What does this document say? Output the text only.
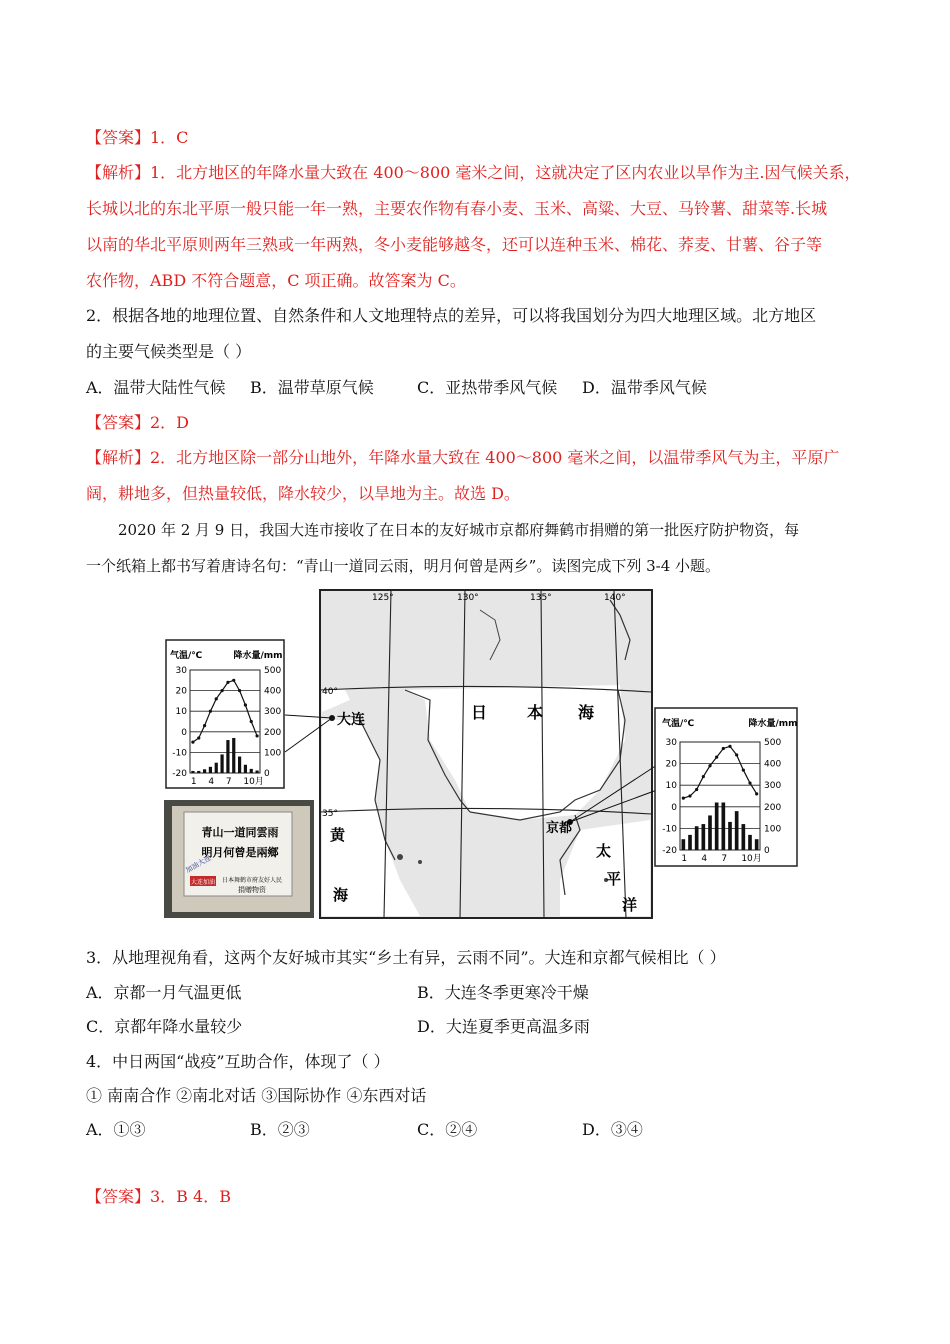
【答案】1．C
【解析】1．北方地区的年降水量大致在 400～800 毫米之间，这就决定了区内农业以旱作为主.因气候关系，
长城以北的东北平原一般只能一年一熟，主要农作物有春小麦、玉米、高粱、大豆、马铃薯、甜菜等.长城
以南的华北平原则两年三熟或一年两熟，冬小麦能够越冬，还可以连种玉米、棉花、荞麦、甘薯、谷子等
农作物，ABD 不符合题意，C 项正确。故答案为 C。
2．根据各地的地理位置、自然条件和人文地理特点的差异，可以将我国划分为四大地理区域。北方地区
的主要气候类型是（ ）
A．温带大陆性气候 B．温带草原气候	C．亚热带季风气候 D．温带季风气候
【答案】2．D
【解析】2．北方地区除一部分山地外，年降水量大致在 400～800 毫米之间，以温带季风气为主，平原广
阔，耕地多，但热量较低，降水较少，以旱地为主。故选 D。
2020 年 2 月 9 日，我国大连市接收了在日本的友好城市京都府舞鹤市捐赠的第一批医疗防护物资，每
一个纸箱上都书写着唐诗名句：“青山一道同云雨，明月何曾是两乡”。读图完成下列 3-4 小题。
125°	130°	135°	140°
40°
35°
大连
京都
日 本 海
黄
海
太
平
洋
气温/℃	降水量/mm
30
20
10
0
-10
-20
500
400
300
200
100
0
1 4 7 10月
气温/℃	降水量/mm
30
20
10
0
-10
-20
500
400
300
200
100
0
1 4 7 10月
青山一道同雲雨
明月何曾是兩鄉
加油大连
大连加油 日本舞鹤市府友好人民
捐赠物资
3．从地理视角看，这两个友好城市其实“乡土有异，云雨不同”。大连和京都气候相比（ ）
A．京都一月气温更低	B．大连冬季更寒冷干燥
C．京都年降水量较少	D．大连夏季更高温多雨
4．中日两国“战疫”互助合作，体现了（ ）
① 南南合作 ②南北对话 ③国际协作 ④东西对话
A．①③	B．②③	C．②④	D．③④
【答案】3．B 4．B
